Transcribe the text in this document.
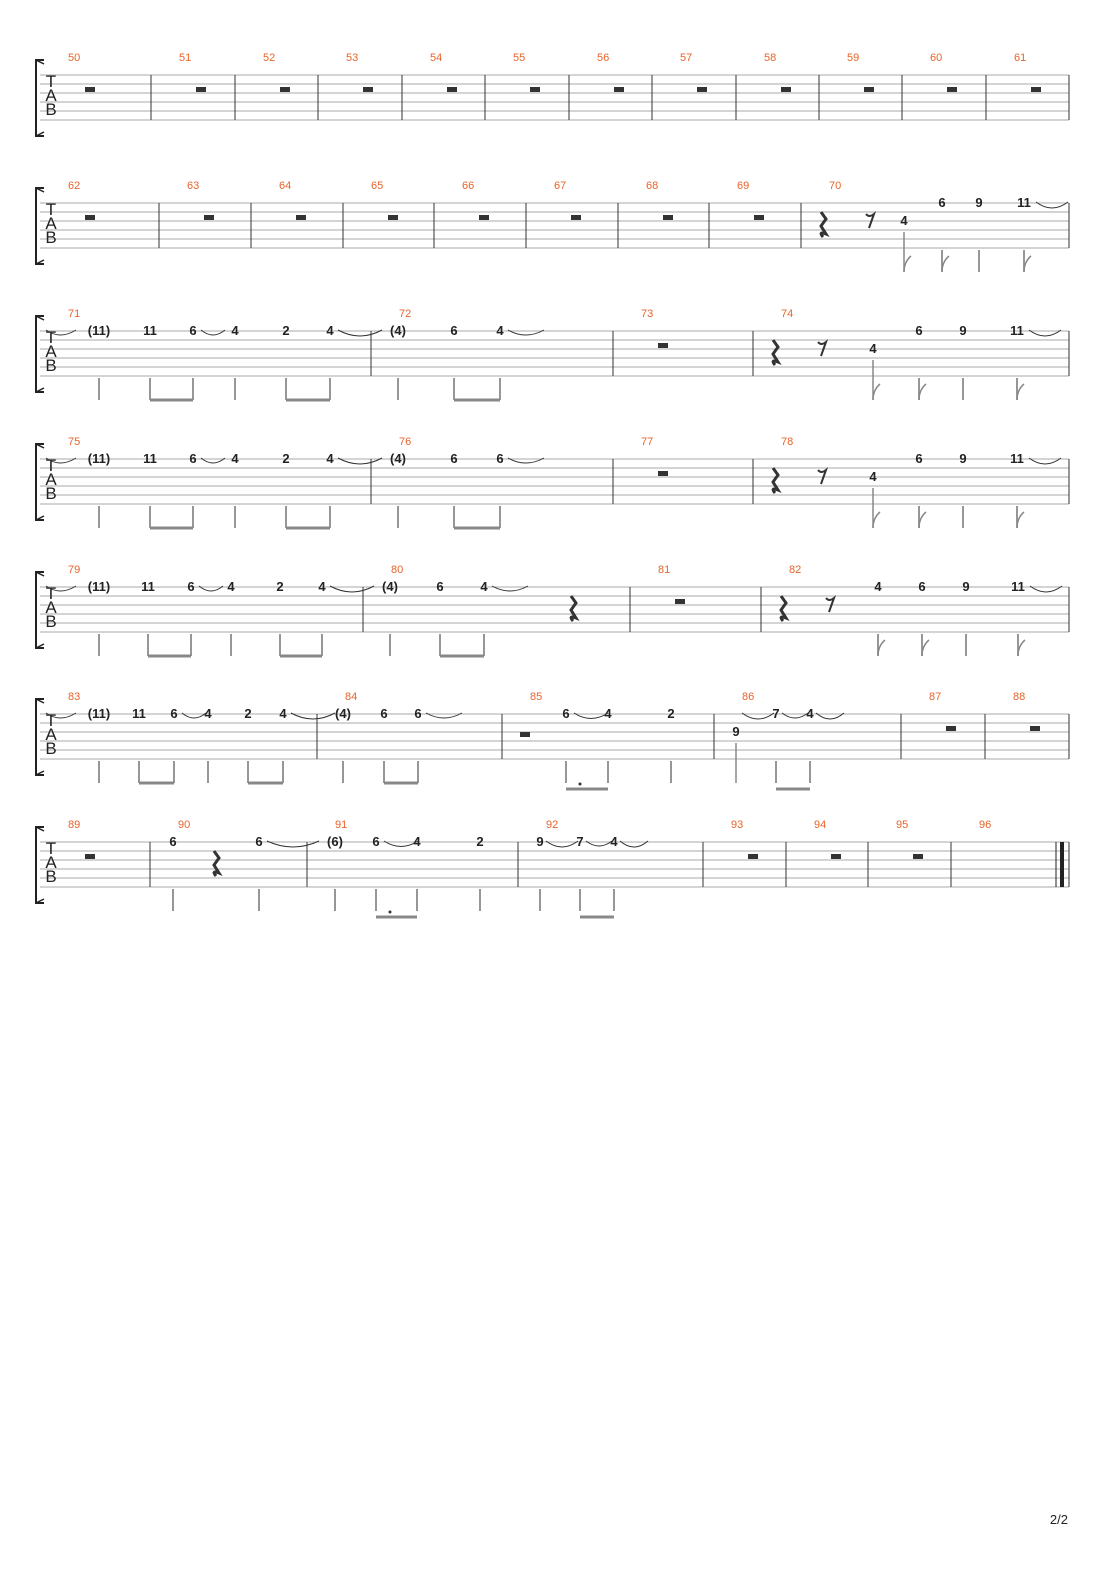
T
A
B
50	51	52	53	54	55	56	57	58	59	60	61
T
A
B
62	63	64	65	66	67	68	69	70
4
6 9	11
T
A
B
71
(11)	11	6	4	2	4
72
(4)	6	4
73	74
4
6	9	11
T
A
B
75
(11)	11	6	4	2	4
76
(4)	6	6
77	78
4
6	9	11
T
A
B
79
(11) 11	6	4	2	4
80
(4)	6	4
81	82
4	6	9	11
T
A
B
83
(11) 11 6 4	2 4
84
(4) 6 6
85
6	4	2
86
9
7 4
87	88
T
A
B
89	90
6	6
91
(6) 6	4	2
92
9	7 4
93	94	95	96
2/2
